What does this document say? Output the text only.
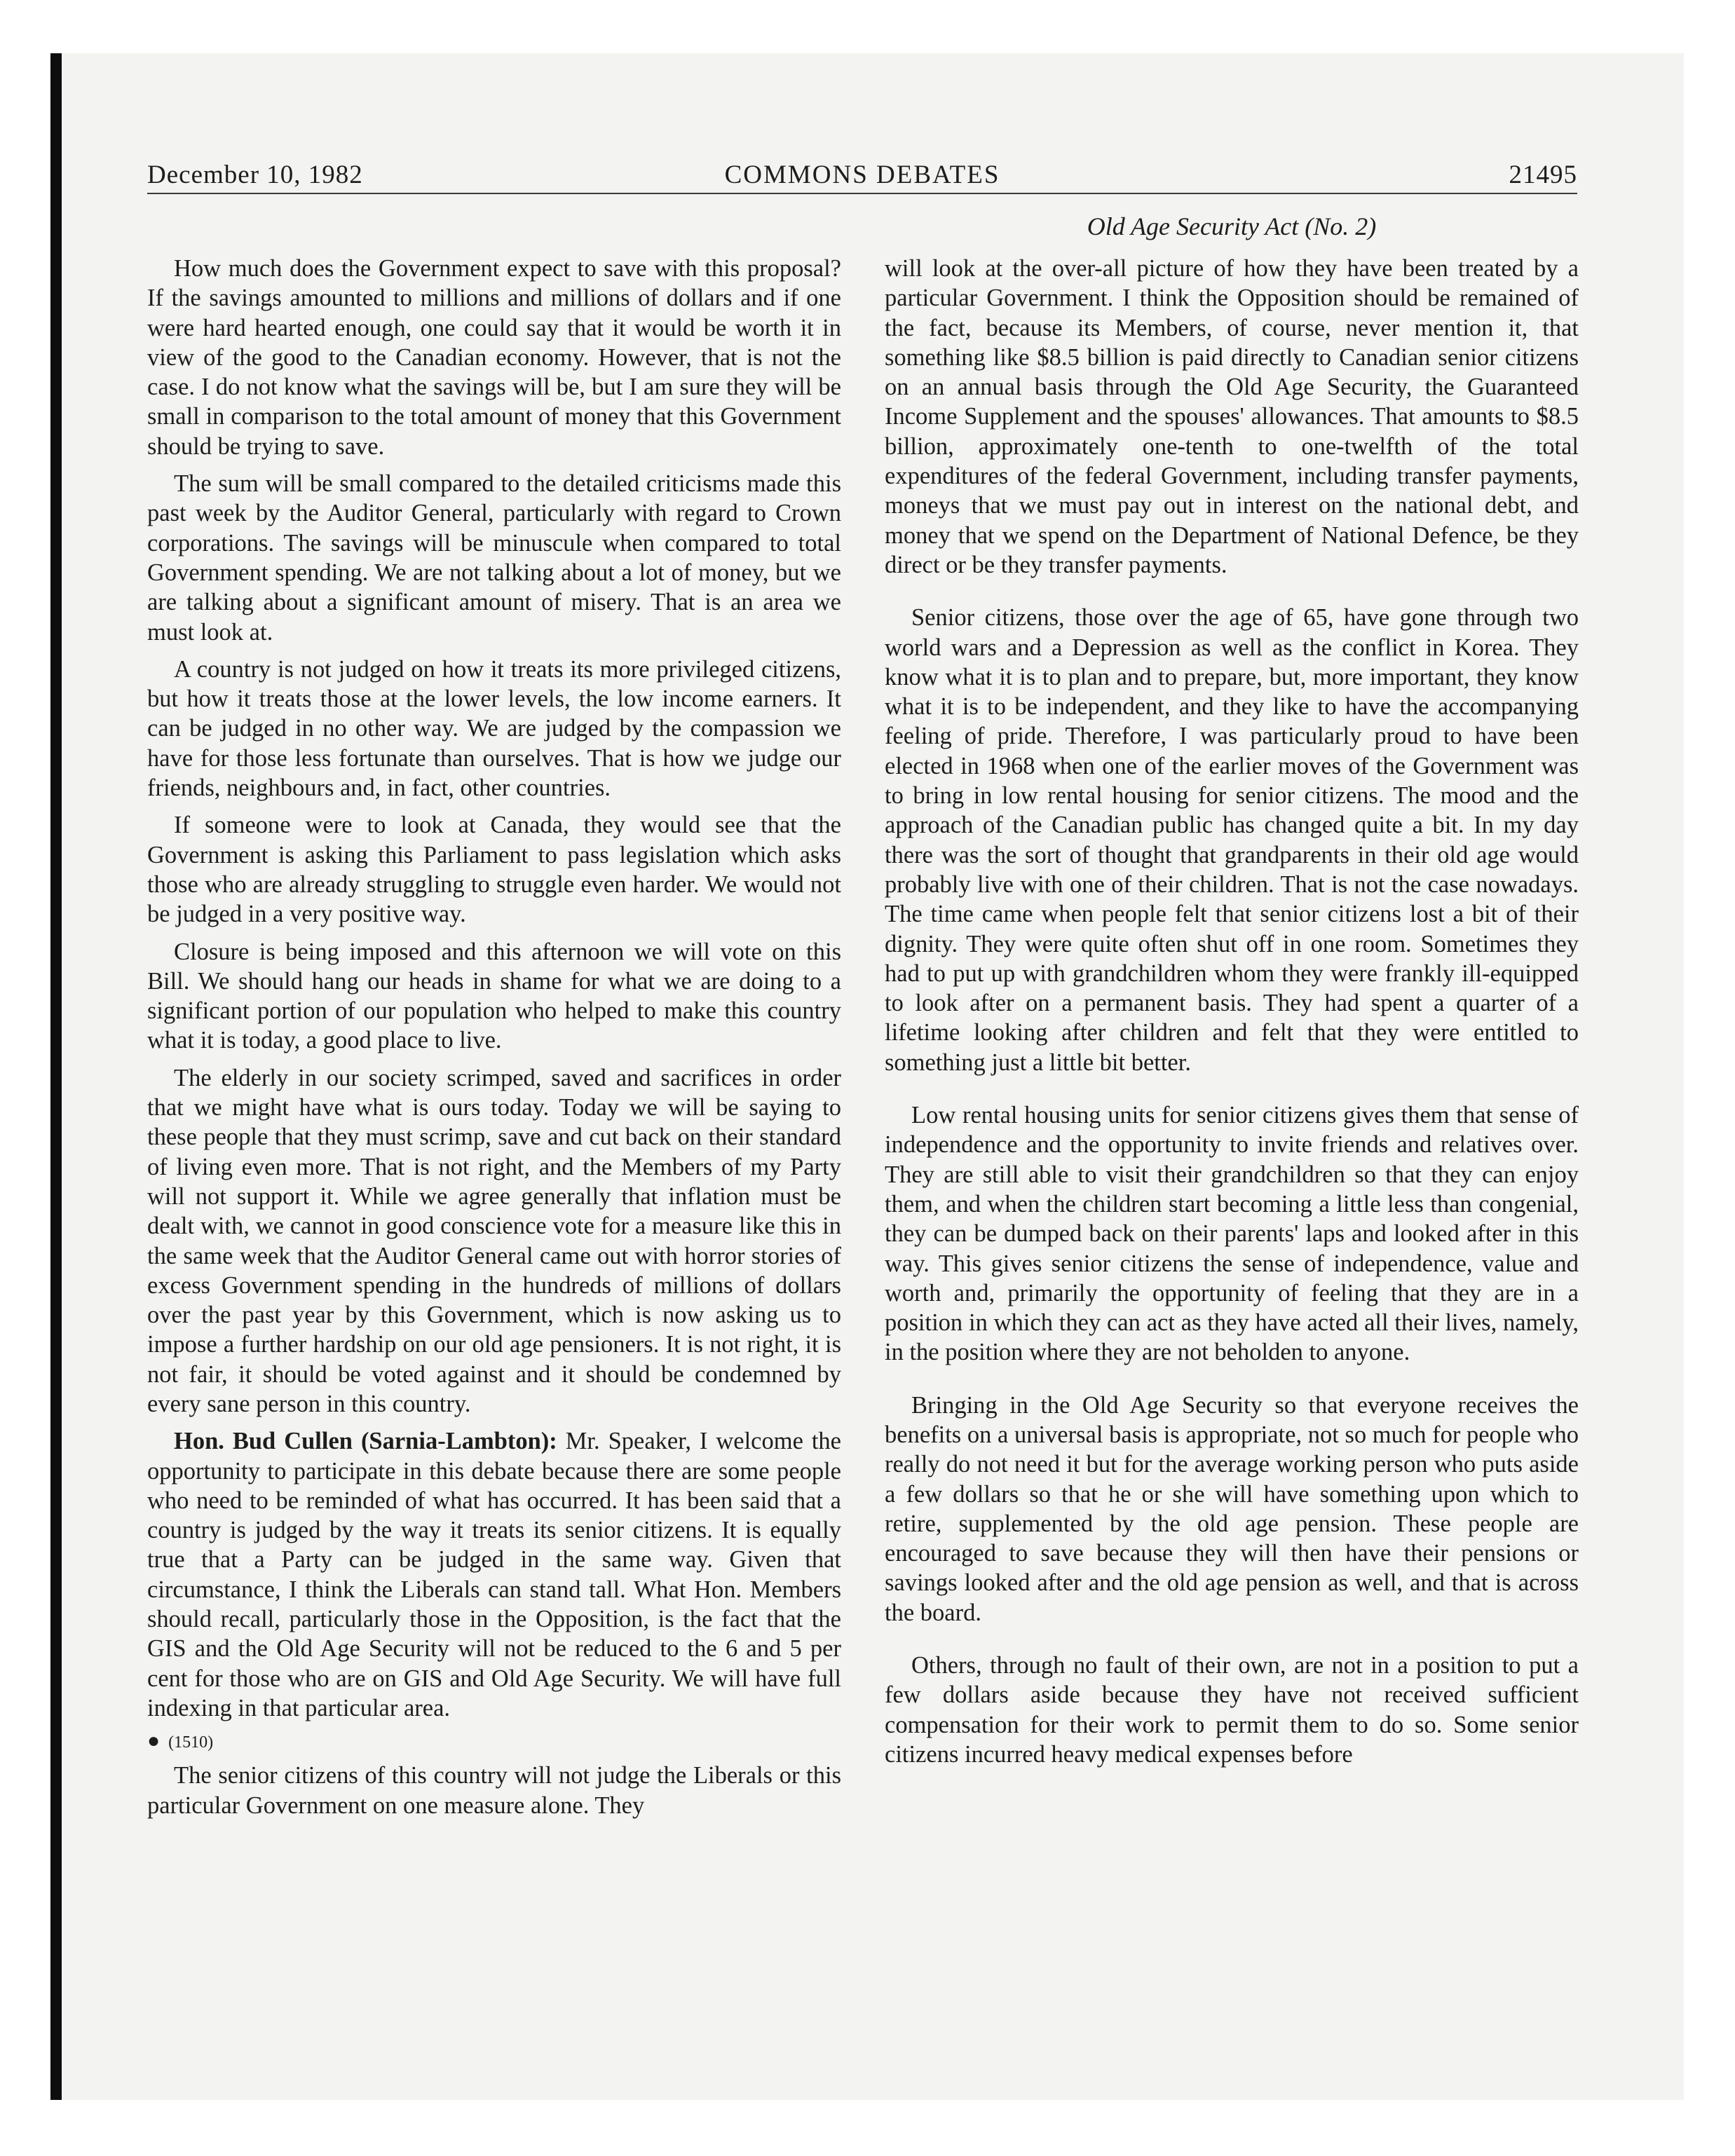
COMMONS DEBATES
December 10, 1982	21495
Old Age Security Act (No. 2)

How much does the Government expect to save with this proposal? If the savings amounted to millions and millions of dollars and if one were hard hearted enough, one could say that it would be worth it in view of the good to the Canadian economy. However, that is not the case. I do not know what the savings will be, but I am sure they will be small in comparison to the total amount of money that this Government should be trying to save.

The sum will be small compared to the detailed criticisms made this past week by the Auditor General, particularly with regard to Crown corporations. The savings will be minuscule when compared to total Government spending. We are not talking about a lot of money, but we are talking about a significant amount of misery. That is an area we must look at.

A country is not judged on how it treats its more privileged citizens, but how it treats those at the lower levels, the low income earners. It can be judged in no other way. We are judged by the compassion we have for those less fortunate than ourselves. That is how we judge our friends, neighbours and, in fact, other countries.

If someone were to look at Canada, they would see that the Government is asking this Parliament to pass legislation which asks those who are already struggling to struggle even harder. We would not be judged in a very positive way.

Closure is being imposed and this afternoon we will vote on this Bill. We should hang our heads in shame for what we are doing to a significant portion of our population who helped to make this country what it is today, a good place to live.

The elderly in our society scrimped, saved and sacrifices in order that we might have what is ours today. Today we will be saying to these people that they must scrimp, save and cut back on their standard of living even more. That is not right, and the Members of my Party will not support it. While we agree generally that inflation must be dealt with, we cannot in good conscience vote for a measure like this in the same week that the Auditor General came out with horror stories of excess Government spending in the hundreds of millions of dollars over the past year by this Government, which is now asking us to impose a further hardship on our old age pensioners. It is not right, it is not fair, it should be voted against and it should be condemned by every sane person in this country.

Hon. Bud Cullen (Sarnia-Lambton): Mr. Speaker, I welcome the opportunity to participate in this debate because there are some people who need to be reminded of what has occurred. It has been said that a country is judged by the way it treats its senior citizens. It is equally true that a Party can be judged in the same way. Given that circumstance, I think the Liberals can stand tall. What Hon. Members should recall, particularly those in the Opposition, is the fact that the GIS and the Old Age Security will not be reduced to the 6 and 5 per cent for those who are on GIS and Old Age Security. We will have full indexing in that particular area.

● (1510)

The senior citizens of this country will not judge the Liberals or this particular Government on one measure alone. They

will look at the over-all picture of how they have been treated by a particular Government. I think the Opposition should be remained of the fact, because its Members, of course, never mention it, that something like $8.5 billion is paid directly to Canadian senior citizens on an annual basis through the Old Age Security, the Guaranteed Income Supplement and the spouses' allowances. That amounts to $8.5 billion, approximately one-tenth to one-twelfth of the total expenditures of the federal Government, including transfer payments, moneys that we must pay out in interest on the national debt, and money that we spend on the Department of National Defence, be they direct or be they transfer payments.

Senior citizens, those over the age of 65, have gone through two world wars and a Depression as well as the conflict in Korea. They know what it is to plan and to prepare, but, more important, they know what it is to be independent, and they like to have the accompanying feeling of pride. Therefore, I was particularly proud to have been elected in 1968 when one of the earlier moves of the Government was to bring in low rental housing for senior citizens. The mood and the approach of the Canadian public has changed quite a bit. In my day there was the sort of thought that grandparents in their old age would probably live with one of their children. That is not the case nowadays. The time came when people felt that senior citizens lost a bit of their dignity. They were quite often shut off in one room. Sometimes they had to put up with grandchildren whom they were frankly ill-equipped to look after on a permanent basis. They had spent a quarter of a lifetime looking after children and felt that they were entitled to something just a little bit better.

Low rental housing units for senior citizens gives them that sense of independence and the opportunity to invite friends and relatives over. They are still able to visit their grandchildren so that they can enjoy them, and when the children start becoming a little less than congenial, they can be dumped back on their parents' laps and looked after in this way. This gives senior citizens the sense of independence, value and worth and, primarily the opportunity of feeling that they are in a position in which they can act as they have acted all their lives, namely, in the position where they are not beholden to anyone.

Bringing in the Old Age Security so that everyone receives the benefits on a universal basis is appropriate, not so much for people who really do not need it but for the average working person who puts aside a few dollars so that he or she will have something upon which to retire, supplemented by the old age pension. These people are encouraged to save because they will then have their pensions or savings looked after and the old age pension as well, and that is across the board.

Others, through no fault of their own, are not in a position to put a few dollars aside because they have not received sufficient compensation for their work to permit them to do so. Some senior citizens incurred heavy medical expenses before
